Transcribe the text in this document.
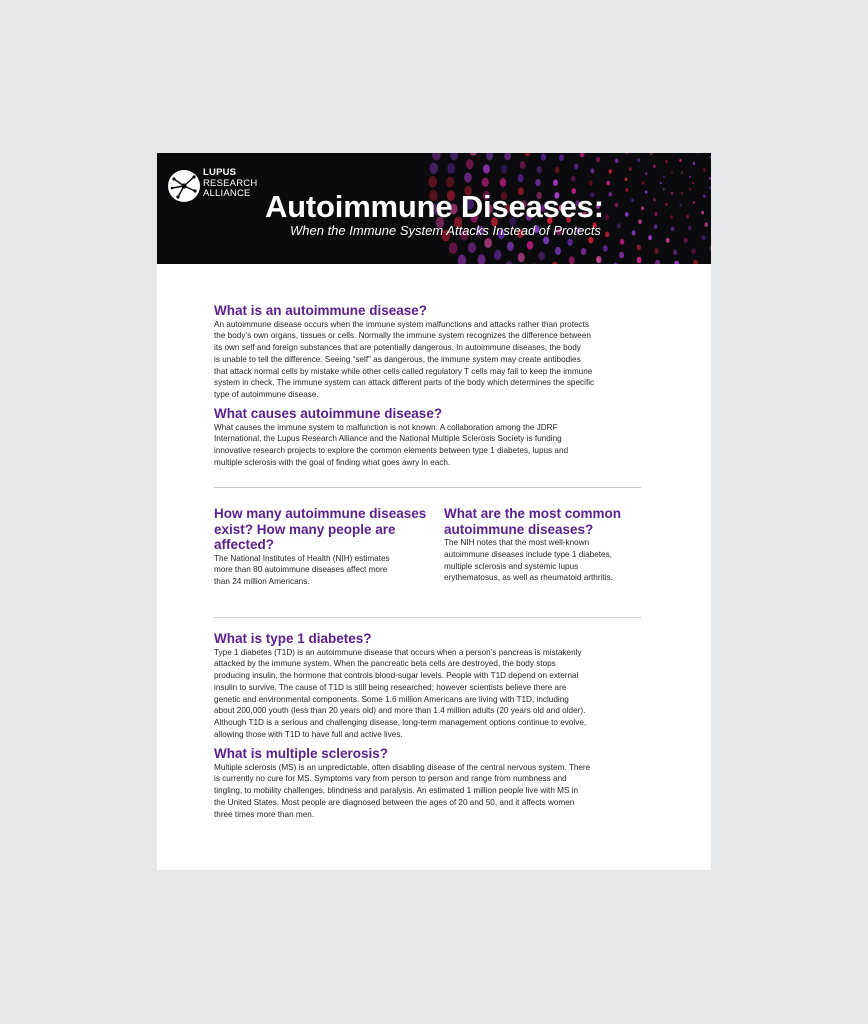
LUPUS
RESEARCH
ALLIANCE Autoimmune Diseases:
When the Immune System Attacks Instead of Protects
What is an autoimmune disease?

An autoimmune disease occurs when the immune system malfunctions and attacks rather than protects
the body’s own organs, tissues or cells. Normally the immune system recognizes the difference between
its own self and foreign substances that are potentially dangerous. In autoimmune diseases, the body
is unable to tell the difference. Seeing “self” as dangerous, the immune system may create antibodies
that attack normal cells by mistake while other cells called regulatory T cells may fail to keep the immune
system in check. The immune system can attack different parts of the body which determines the specific
type of autoimmune disease.

What causes autoimmune disease?

What causes the immune system to malfunction is not known. A collaboration among the JDRF
International, the Lupus Research Alliance and the National Multiple Sclerosis Society is funding
innovative research projects to explore the common elements between type 1 diabetes, lupus and
multiple sclerosis with the goal of finding what goes awry in each.

How many autoimmune diseases
exist? How many people are
affected?

The National Institutes of Health (NIH) estimates
more than 80 autoimmune diseases affect more
than 24 million Americans.

What are the most common
autoimmune diseases?

The NIH notes that the most well-known
autoimmune diseases include type 1 diabetes,
multiple sclerosis and systemic lupus
erythematosus, as well as rheumatoid arthritis.

What is type 1 diabetes?

Type 1 diabetes (T1D) is an autoimmune disease that occurs when a person’s pancreas is mistakenly
attacked by the immune system. When the pancreatic beta cells are destroyed, the body stops
producing insulin, the hormone that controls blood-sugar levels. People with T1D depend on external
insulin to survive. The cause of T1D is still being researched; however scientists believe there are
genetic and environmental components. Some 1.6 million Americans are living with T1D, including
about 200,000 youth (less than 20 years old) and more than 1.4 million adults (20 years old and older).
Although T1D is a serious and challenging disease, long-term management options continue to evolve,
allowing those with T1D to have full and active lives.

What is multiple sclerosis?

Multiple sclerosis (MS) is an unpredictable, often disabling disease of the central nervous system. There
is currently no cure for MS. Symptoms vary from person to person and range from numbness and
tingling, to mobility challenges, blindness and paralysis. An estimated 1 million people live with MS in
the United States. Most people are diagnosed between the ages of 20 and 50, and it affects women
three times more than men.
